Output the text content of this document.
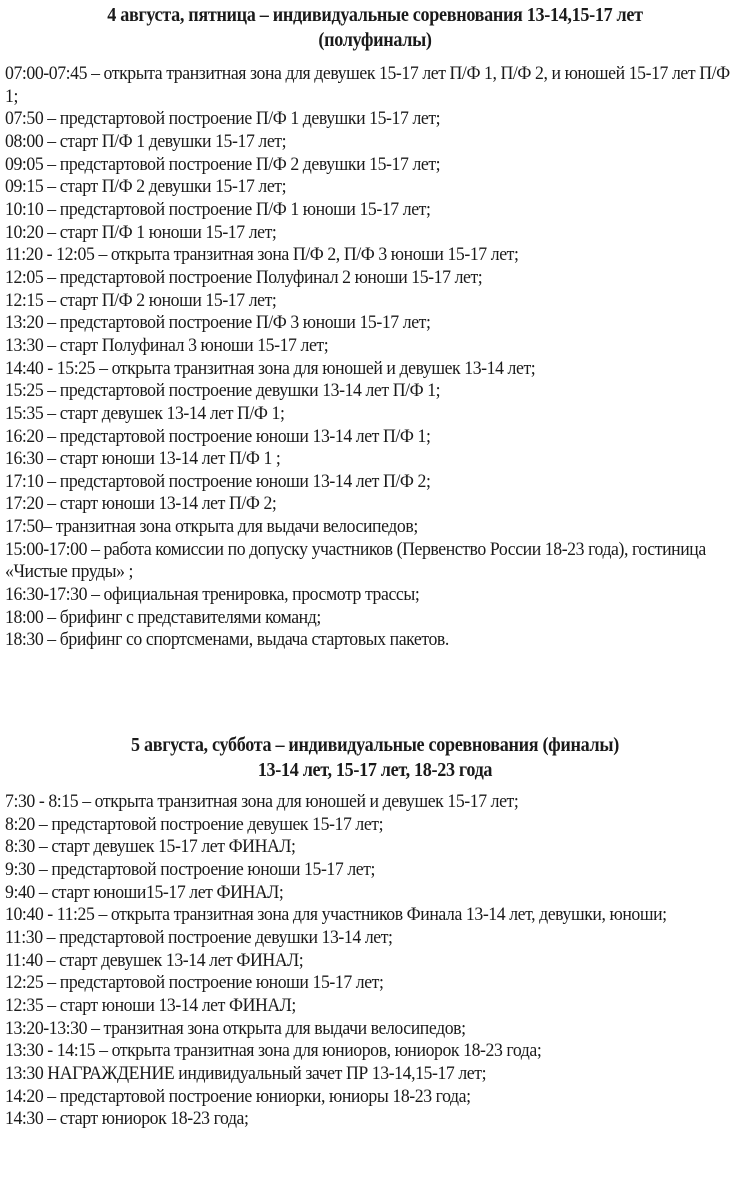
4 августа, пятница – индивидуальные соревнования 13-14,15-17 лет
(полуфиналы)
07:00-07:45 – открыта транзитная зона для девушек 15-17 лет П/Ф 1, П/Ф 2, и юношей 15-17 лет П/Ф 1;
07:50 – предстартовой построение П/Ф 1 девушки 15-17 лет;
08:00 – старт П/Ф 1 девушки 15-17 лет;
09:05 – предстартовой построение П/Ф 2 девушки 15-17 лет;
09:15 – старт П/Ф 2 девушки 15-17 лет;
10:10 – предстартовой построение П/Ф 1 юноши 15-17 лет;
10:20 – старт П/Ф 1 юноши 15-17 лет;
11:20 - 12:05 – открыта транзитная зона П/Ф 2, П/Ф 3 юноши 15-17 лет;
12:05 – предстартовой построение Полуфинал 2 юноши 15-17 лет;
12:15 – старт П/Ф 2 юноши 15-17 лет;
13:20 – предстартовой построение П/Ф 3 юноши 15-17 лет;
13:30 – старт Полуфинал 3 юноши 15-17 лет;
14:40 - 15:25 – открыта транзитная зона для юношей и девушек 13-14 лет;
15:25 – предстартовой построение девушки 13-14 лет П/Ф 1;
15:35 – старт девушек 13-14 лет П/Ф 1;
16:20 – предстартовой построение юноши 13-14 лет П/Ф 1;
16:30 – старт юноши 13-14 лет П/Ф 1 ;
17:10 – предстартовой построение юноши 13-14 лет П/Ф 2;
17:20 – старт юноши 13-14 лет П/Ф 2;
17:50– транзитная зона открыта для выдачи велосипедов;
15:00-17:00 – работа комиссии по допуску участников (Первенство России 18-23 года), гостиница «Чистые пруды» ;
16:30-17:30 – официальная тренировка, просмотр трассы;
18:00 – брифинг с представителями команд;
18:30 – брифинг со спортсменами, выдача стартовых пакетов.
5 августа, суббота – индивидуальные соревнования (финалы)
13-14 лет, 15-17 лет, 18-23 года
7:30 - 8:15 – открыта транзитная зона для юношей и девушек 15-17 лет;
8:20 – предстартовой построение девушек 15-17 лет;
8:30 – старт девушек 15-17 лет ФИНАЛ;
9:30 – предстартовой построение юноши 15-17 лет;
9:40 – старт юноши15-17 лет ФИНАЛ;
10:40 - 11:25 – открыта транзитная зона для участников Финала 13-14 лет, девушки, юноши;
11:30 – предстартовой построение девушки 13-14 лет;
11:40 – старт девушек 13-14 лет ФИНАЛ;
12:25 – предстартовой построение юноши 15-17 лет;
12:35 – старт юноши 13-14 лет ФИНАЛ;
13:20-13:30 – транзитная зона открыта для выдачи велосипедов;
13:30 - 14:15 – открыта транзитная зона для юниоров, юниорок 18-23 года;
13:30 НАГРАЖДЕНИЕ индивидуальный зачет ПР 13-14,15-17 лет;
14:20 – предстартовой построение юниорки, юниоры 18-23 года;
14:30 – старт юниорок 18-23 года;
